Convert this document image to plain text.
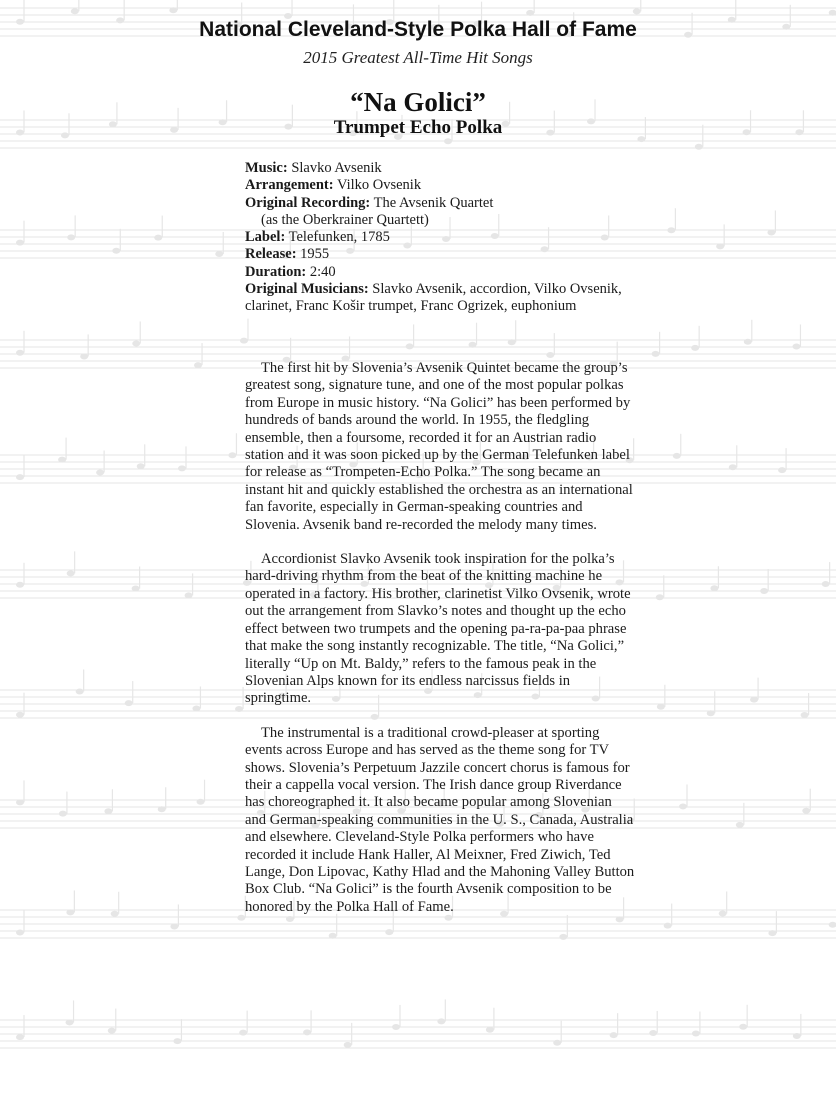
National Cleveland-Style Polka Hall of Fame
2015 Greatest All-Time Hit Songs
“Na Golici”
Trumpet Echo Polka
Music: Slavko Avsenik
Arrangement: Vilko Ovsenik
Original Recording: The Avsenik Quartet
(as the Oberkrainer Quartett)
Label: Telefunken, 1785
Release: 1955
Duration: 2:40
Original Musicians: Slavko Avsenik, accordion, Vilko Ovsenik, clarinet, Franc Košir trumpet, Franc Ogrizek, euphonium

The first hit by Slovenia’s Avsenik Quintet became the group’s greatest song, signature tune, and one of the most popular polkas from Europe in music history. “Na Golici” has been performed by hundreds of bands around the world. In 1955, the fledgling ensemble, then a foursome, recorded it for an Austrian radio station and it was soon picked up by the German Telefunken label for release as “Trompeten-Echo Polka.” The song became an instant hit and quickly established the orchestra as an international fan favorite, especially in German-speaking countries and Slovenia. Avsenik band re-recorded the melody many times.

Accordionist Slavko Avsenik took inspiration for the polka’s hard-driving rhythm from the beat of the knitting machine he operated in a factory. His brother, clarinetist Vilko Ovsenik, wrote out the arrangement from Slavko’s notes and thought up the echo effect between two trumpets and the opening pa-ra-pa-paa phrase that make the song instantly recognizable. The title, “Na Golici,” literally “Up on Mt. Baldy,” refers to the famous peak in the Slovenian Alps known for its endless narcissus fields in springtime.

The instrumental is a traditional crowd-pleaser at sporting events across Europe and has served as the theme song for TV shows. Slovenia’s Perpetuum Jazzile concert chorus is famous for their a cappella vocal version. The Irish dance group Riverdance has choreographed it. It also became popular among Slovenian and German-speaking communities in the U. S., Canada, Australia and elsewhere. Cleveland-Style Polka performers who have recorded it include Hank Haller, Al Meixner, Fred Ziwich, Ted Lange, Don Lipovac, Kathy Hlad and the Mahoning Valley Button Box Club. “Na Golici” is the fourth Avsenik composition to be honored by the Polka Hall of Fame.
